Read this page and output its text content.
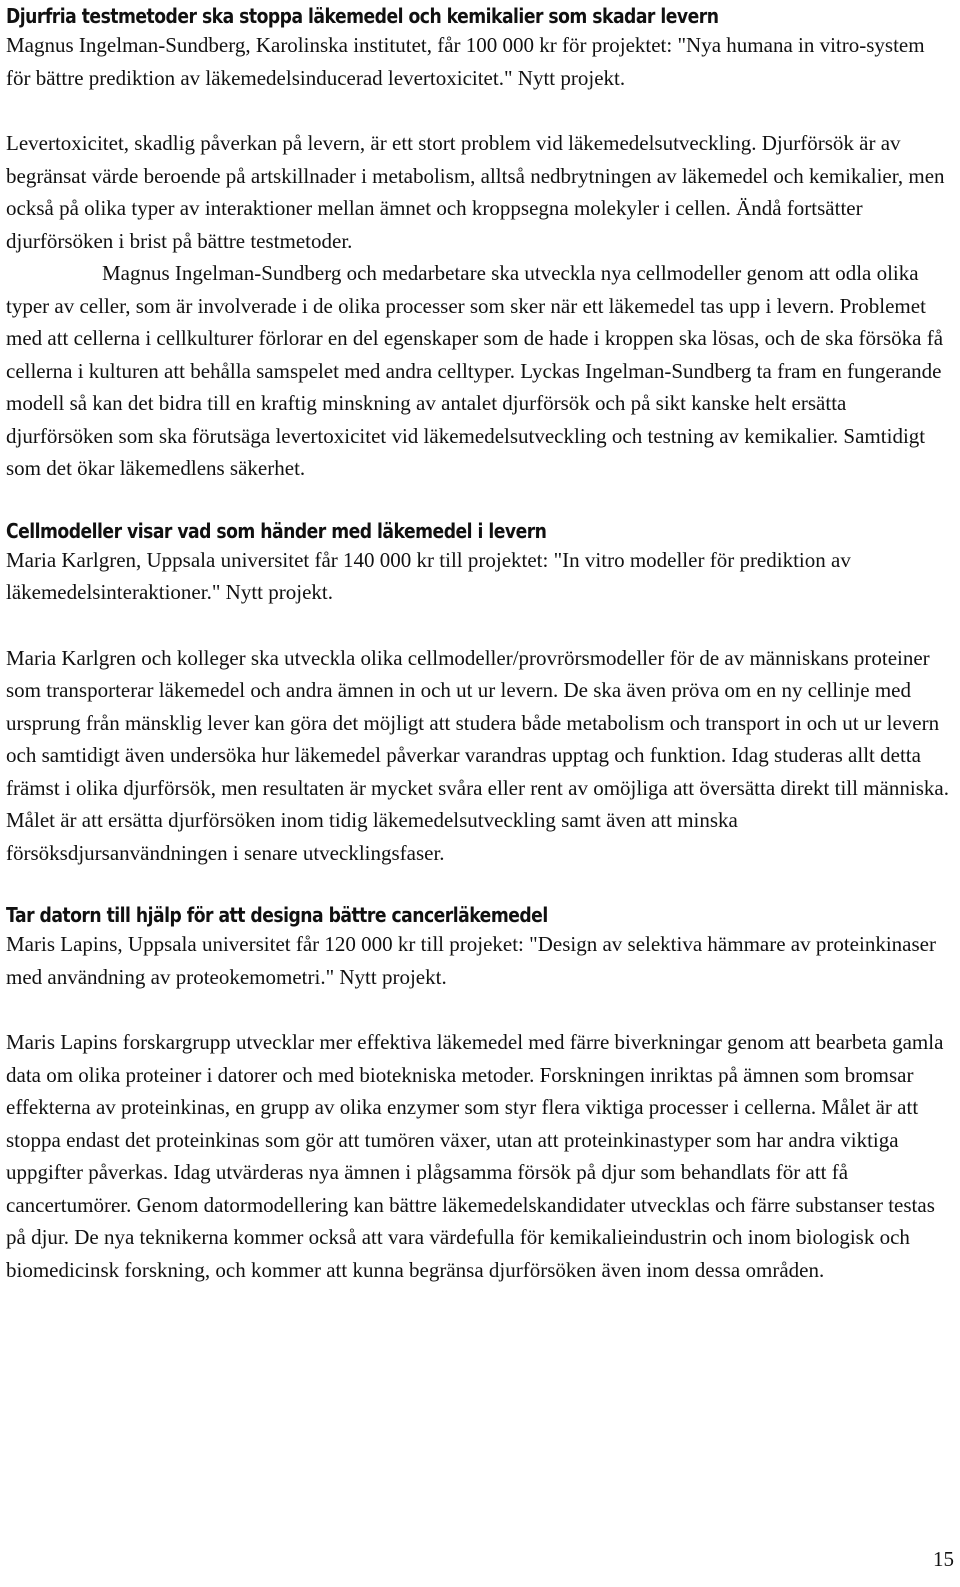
Djurfria testmetoder ska stoppa läkemedel och kemikalier som skadar levern

Magnus Ingelman-Sundberg, Karolinska institutet, får 100 000 kr för projektet: "Nya humana in vitro-system för bättre prediktion av läkemedelsinducerad levertoxicitet." Nytt projekt.

Levertoxicitet, skadlig påverkan på levern, är ett stort problem vid läkemedelsutveckling. Djurförsök är av begränsat värde beroende på artskillnader i metabolism, alltså nedbrytningen av läkemedel och kemikalier, men också på olika typer av interaktioner mellan ämnet och kroppsegna molekyler i cellen. Ändå fortsätter djurförsöken i brist på bättre testmetoder.

Magnus Ingelman-Sundberg och medarbetare ska utveckla nya cellmodeller genom att odla olika typer av celler, som är involverade i de olika processer som sker när ett läkemedel tas upp i levern. Problemet med att cellerna i cellkulturer förlorar en del egenskaper som de hade i kroppen ska lösas, och de ska försöka få cellerna i kulturen att behålla samspelet med andra celltyper. Lyckas Ingelman-Sundberg ta fram en fungerande modell så kan det bidra till en kraftig minskning av antalet djurförsök och på sikt kanske helt ersätta djurförsöken som ska förutsäga levertoxicitet vid läkemedelsutveckling och testning av kemikalier. Samtidigt som det ökar läkemedlens säkerhet.

Cellmodeller visar vad som händer med läkemedel i levern

Maria Karlgren, Uppsala universitet får 140 000 kr till projektet: "In vitro modeller för prediktion av läkemedelsinteraktioner." Nytt projekt.

Maria Karlgren och kolleger ska utveckla olika cellmodeller/provrörsmodeller för de av människans proteiner som transporterar läkemedel och andra ämnen in och ut ur levern. De ska även pröva om en ny cellinje med ursprung från mänsklig lever kan göra det möjligt att studera både metabolism och transport in och ut ur levern och samtidigt även undersöka hur läkemedel påverkar varandras upptag och funktion. Idag studeras allt detta främst i olika djurförsök, men resultaten är mycket svåra eller rent av omöjliga att översätta direkt till människa. Målet är att ersätta djurförsöken inom tidig läkemedelsutveckling samt även att minska försöksdjursanvändningen i senare utvecklingsfaser.

Tar datorn till hjälp för att designa bättre cancerläkemedel

Maris Lapins, Uppsala universitet får 120 000 kr till projeket: "Design av selektiva hämmare av proteinkinaser med användning av proteokemometri." Nytt projekt.

Maris Lapins forskargrupp utvecklar mer effektiva läkemedel med färre biverkningar genom att bearbeta gamla data om olika proteiner i datorer och med biotekniska metoder. Forskningen inriktas på ämnen som bromsar effekterna av proteinkinas, en grupp av olika enzymer som styr flera viktiga processer i cellerna. Målet är att stoppa endast det proteinkinas som gör att tumören växer, utan att proteinkinastyper som har andra viktiga uppgifter påverkas. Idag utvärderas nya ämnen i plågsamma försök på djur som behandlats för att få cancertumörer. Genom datormodellering kan bättre läkemedelskandidater utvecklas och färre substanser testas på djur. De nya teknikerna kommer också att vara värdefulla för kemikalieindustrin och inom biologisk och biomedicinsk forskning, och kommer att kunna begränsa djurförsöken även inom dessa områden.

15
